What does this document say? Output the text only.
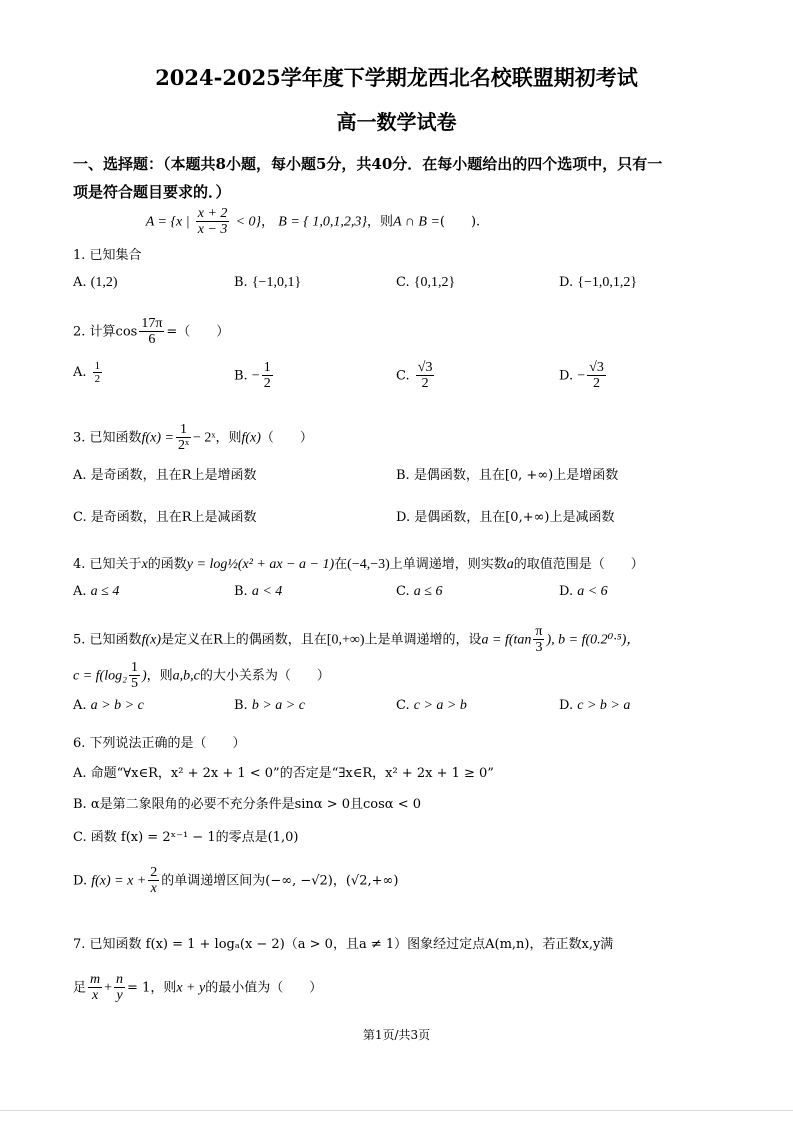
2024-2025学年度下学期龙西北名校联盟期初考试
高一数学试卷
一、选择题：（本题共8小题，每小题5分，共40分．在每小题给出的四个选项中，只有一
项是符合题目要求的．）
1. 已知集合 A = {x | $\frac{x + 2}{x - 3} < 0$}， B = { 1,0,1,2,3}，则A ∩ B =(　　).
A. (1,2)	B. {−1,0,1}	C. {0,1,2}	D. {−1,0,1,2}
2. 计算$\cos \frac{17\pi}{6}$ =（　　）
A. $\frac{1}{2}$	B. − $\frac{1}{2}$	C. $\frac{√3}{2}$	D. − $\frac{√3}{2}$
3. 已知函数$f(x) = \frac{1}{\text{2ˣ}}$ − 2ˣ，则f(x)（　　）
A. 是奇函数，且在R上是增函数	B. 是偶函数，且在[0, +∞)上是增函数
C. 是奇函数，且在R上是减函数	D. 是偶函数，且在[0,+∞)上是减函数
4. 已知关于x的函数y = log½(x² + ax − a − 1)在(−4,−3)上单调递增，则实数a的取值范围是（　　）
A. a ≤ 4	B. a < 4	C. a ≤ 6	D. a < 6
5. 已知函数f(x)是定义在R上的偶函数，且在[0,+∞)上是单调递增的，设$a = f(\tan \frac{\pi}{3}$ ), b = f(0.2⁰·⁵)，
$c = f(\log_2 \frac{1}{5}$ )，则a,b,c的大小关系为（　　）
A. a > b > c	B. b > a > c	C. c > a > b	D. c > b > a
6. 下列说法正确的是（　　）
A. 命题“∀x∈R，x² + 2x + 1 < 0”的否定是“∃x∈R，x² + 2x + 1 ≥ 0”
B. α是第二象限角的必要不充分条件是sinα > 0且cosα < 0
C. 函数 f(x) = 2ˣ⁻¹ − 1的零点是(1,0)
D. $f(x) = x + \frac{2}{x}$ 的单调递增区间为(−∞, −√2)，(√2,+∞)
7. 已知函数 f(x) = 1 + logₐ(x − 2)（a > 0，且a ≠ 1）图象经过定点A(m,n)，若正数x,y满
足 $\frac{m}{x} + \frac{n}{y} = 1$，则x + y的最小值为（　　）
第1页/共3页
